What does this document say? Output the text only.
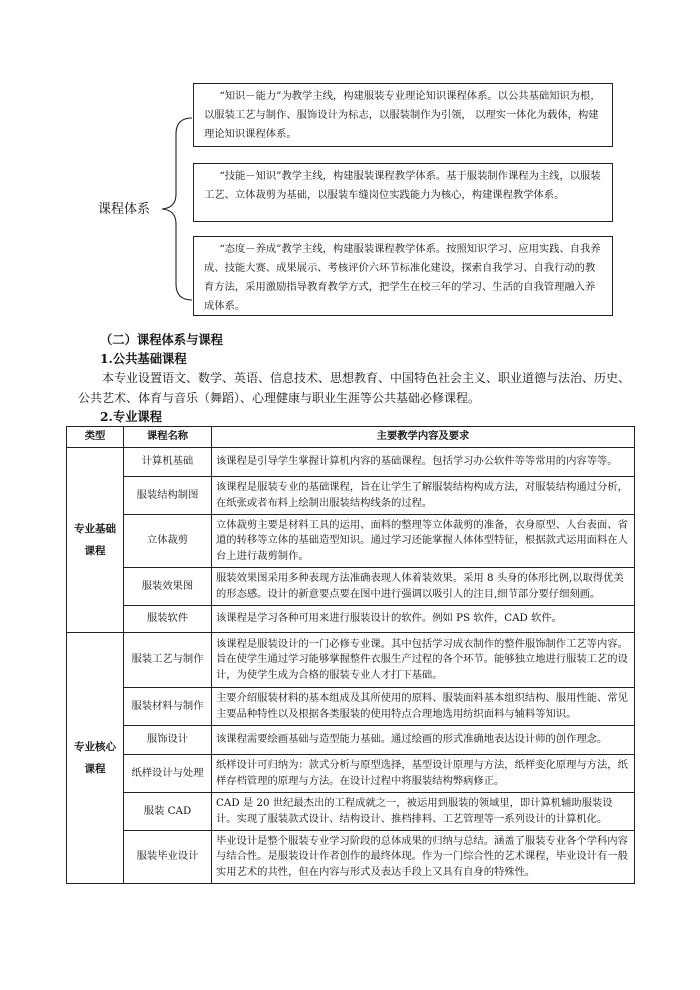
课程体系
“知识－能力”为教学主线，构建服装专业理论知识课程体系。以公共基础知识为根，以服装工艺与制作、服饰设计为标志，以服装制作为引领， 以理实一体化为载体，构建理论知识课程体系。
“技能－知识”教学主线，构建服装课程教学体系。基于服装制作课程为主线，以服装工艺、立体裁剪为基础，以服装车缝岗位实践能力为核心，构建课程教学体系。
“态度－养成”教学主线，构建服装课程教学体系。按照知识学习、应用实践、自我养成、技能大赛、成果展示、考核评价六环节标准化建设，探索自我学习、自我行动的教育方法，采用激励指导教育教学方式，把学生在校三年的学习、生活的自我管理融入养成体系。
（二）课程体系与课程
1.公共基础课程
本专业设置语文、数学、英语、信息技术、思想教育、中国特色社会主义、职业道德与法治、历史、公共艺术、体育与音乐（舞蹈）、心理健康与职业生涯等公共基础必修课程。
2.专业课程
类型	课程名称	主要教学内容及要求
专业基础课程	计算机基础	该课程是引导学生掌握计算机内容的基础课程。包括学习办公软件等等常用的内容等等。
	服装结构制图	该课程是服装专业的基础课程，旨在让学生了解服装结构构成方法，对服装结构通过分析，在纸张或者布料上绘制出服装结构线条的过程。
	立体裁剪	立体裁剪主要是材料工具的运用、面料的整理等立体裁剪的准备，衣身原型、人台表面、省道的转移等立体的基础造型知识。通过学习还能掌握人体体型特征，根据款式运用面料在人台上进行裁剪制作。
	服装效果图	服装效果图采用多种表现方法准确表现人体着装效果。采用 8 头身的体形比例,以取得优美的形态感。设计的新意要点要在图中进行强调以吸引人的注目,细节部分要仔细刻画。
	服装软件	该课程是学习各种可用来进行服装设计的软件。例如 PS 软件，CAD 软件。
专业核心课程	服装工艺与制作	该课程是服装设计的一门必修专业课。其中包括学习成衣制作的整件服饰制作工艺等内容。旨在使学生通过学习能够掌握整件衣服生产过程的各个环节。能够独立地进行服装工艺的设计，为使学生成为合格的服装专业人才打下基础。
	服装材料与制作	主要介绍服装材料的基本组成及其所使用的原料、服装面料基本组织结构、服用性能、常见主要品种特性以及根据各类服装的使用特点合理地选用纺织面料与辅料等知识。
	服饰设计	该课程需要绘画基础与造型能力基础。通过绘画的形式准确地表达设计师的创作理念。
	纸样设计与处理	纸样设计可归纳为：款式分析与原型选择，基型设计原理与方法，纸样变化原理与方法，纸样存档管理的原理与方法。在设计过程中将服装结构弊病修正。
	服装 CAD	CAD 是 20 世纪最杰出的工程成就之一，被运用到服装的领域里，即计算机辅助服装设计。实现了服装款式设计、结构设计、推档排料、工艺管理等一系列设计的计算机化。
	服装毕业设计	毕业设计是整个服装专业学习阶段的总体成果的归纳与总结。涵盖了服装专业各个学科内容与结合性。是服装设计作者创作的最终体现。作为一门综合性的艺术课程，毕业设计有一般实用艺术的共性，但在内容与形式及表达手段上又具有自身的特殊性。
